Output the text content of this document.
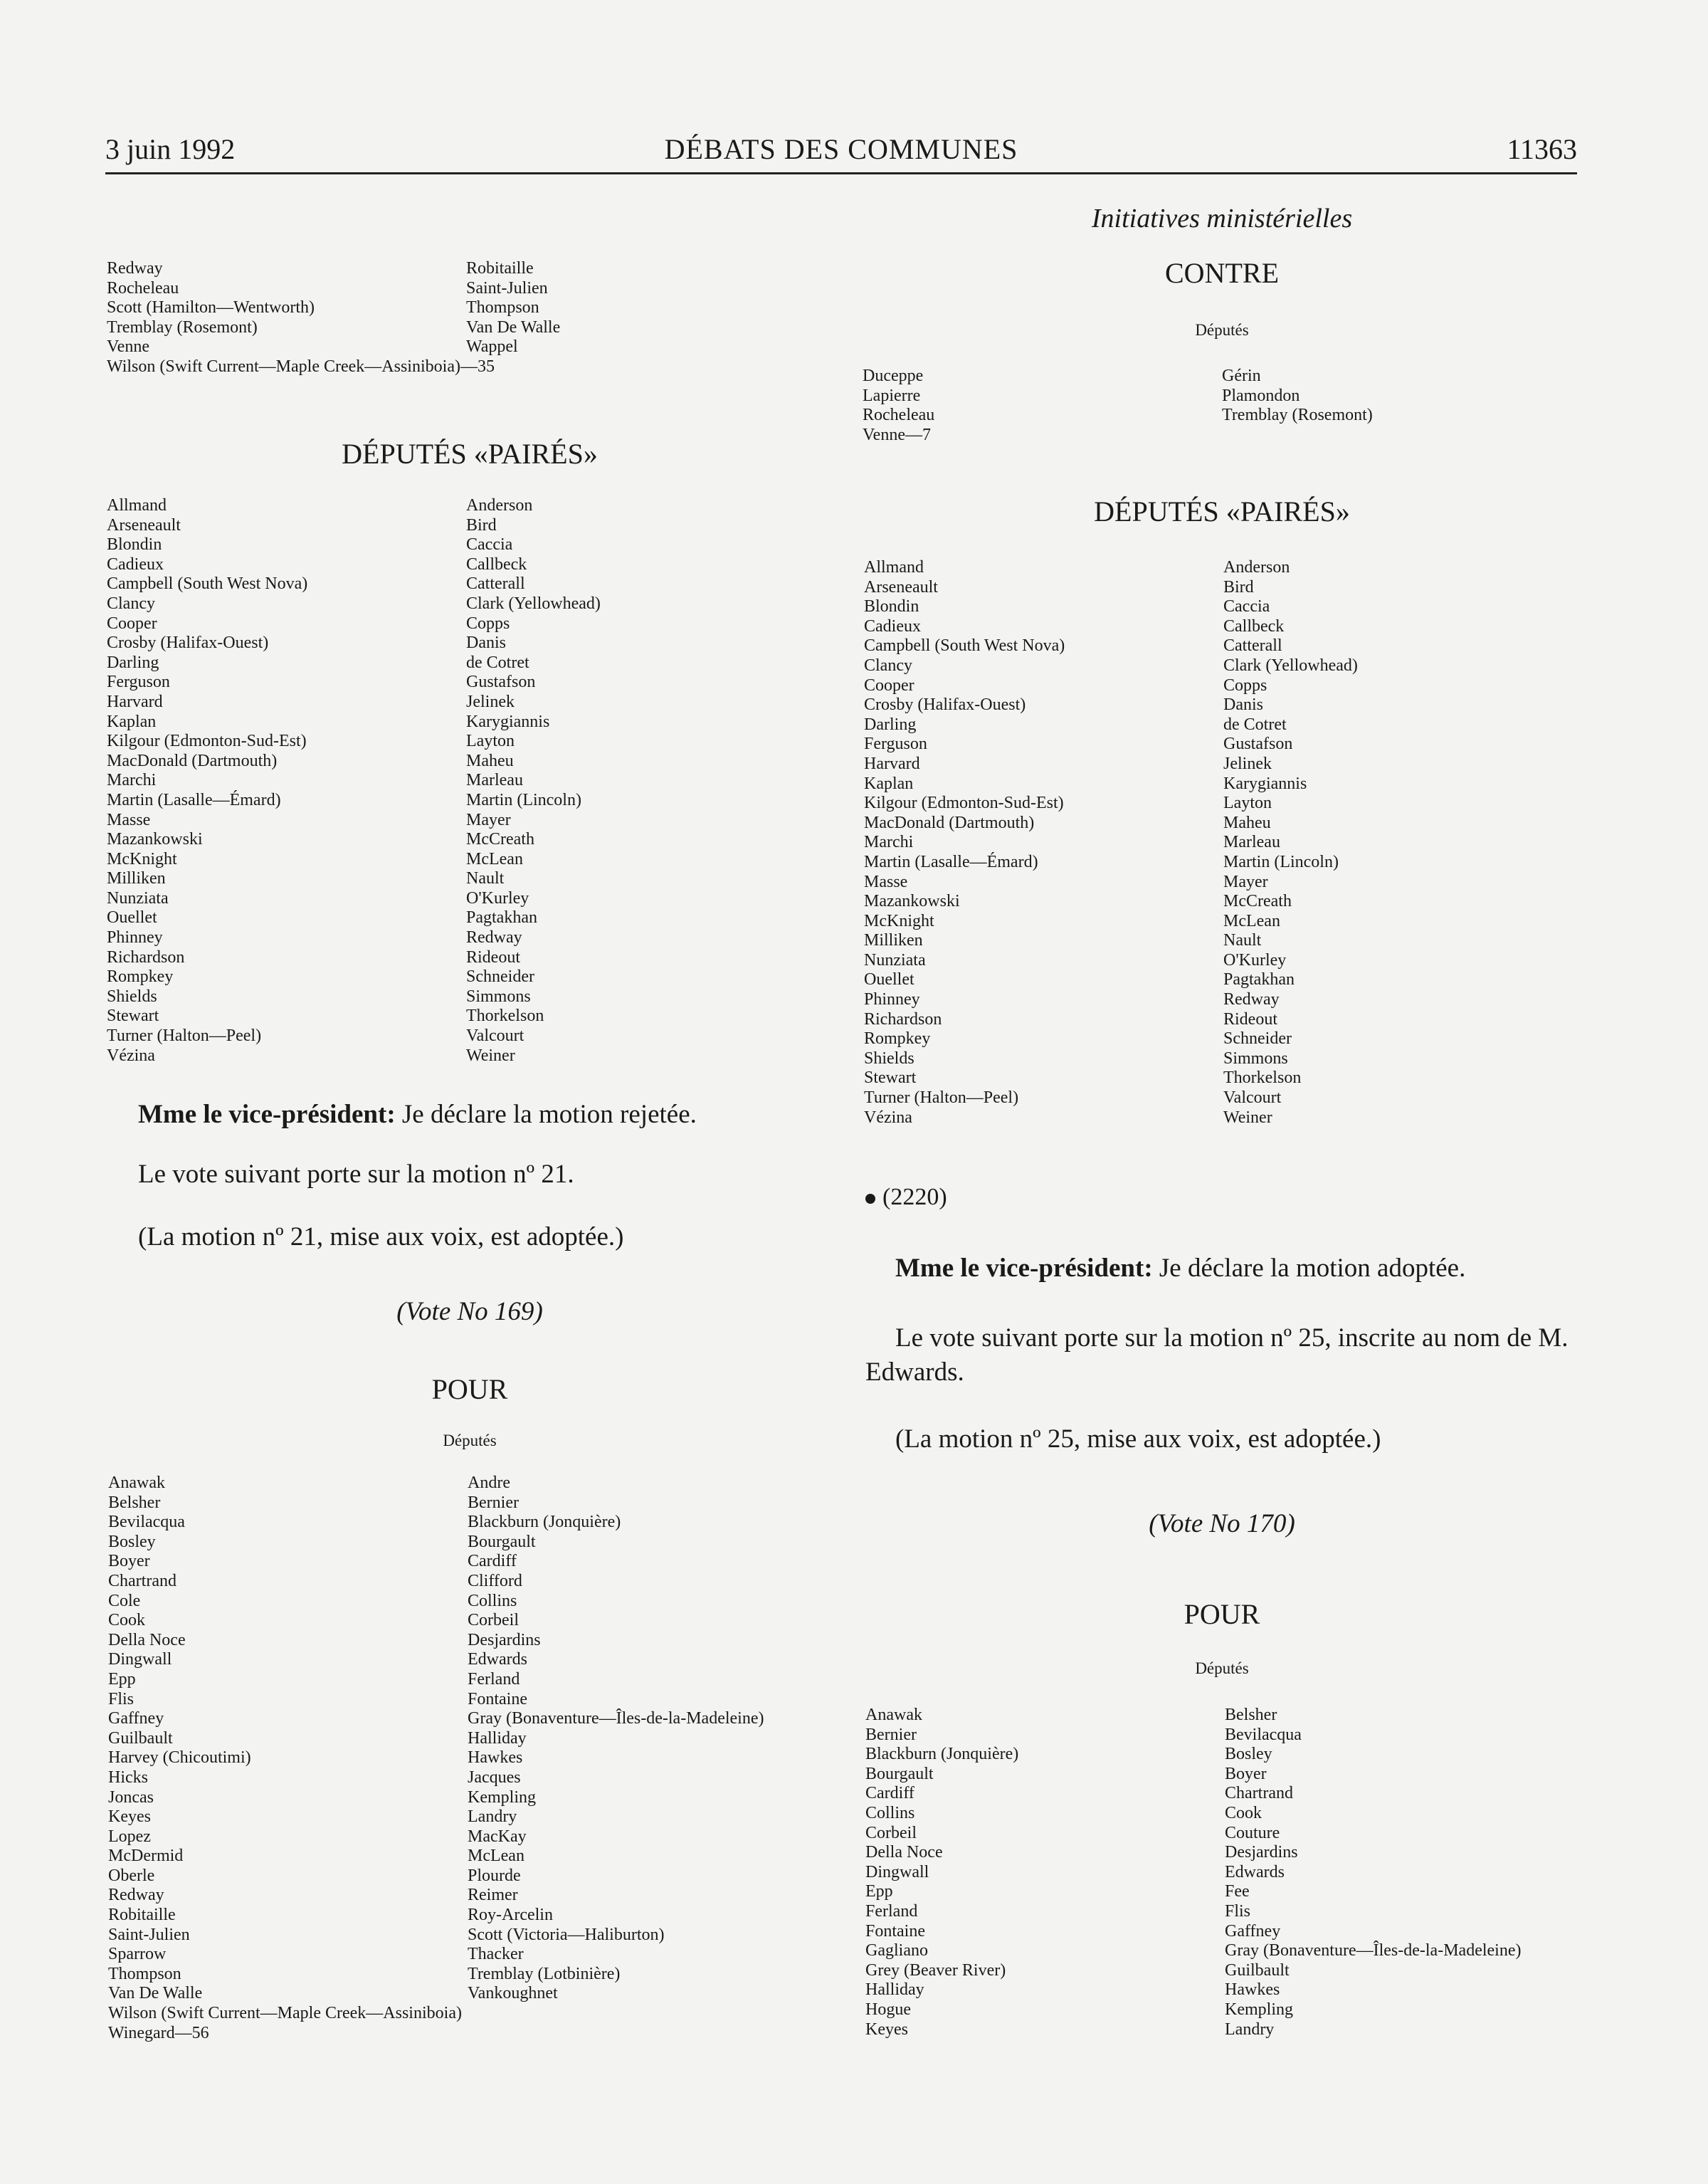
3 juin 1992	DÉBATS DES COMMUNES	11363
Redway
Rocheleau
Scott (Hamilton—Wentworth)
Tremblay (Rosemont)
Venne
Wilson (Swift Current—Maple Creek—Assiniboia)—35
Robitaille
Saint-Julien
Thompson
Van De Walle
Wappel
DÉPUTÉS «PAIRÉS»
Allmand
Arseneault
Blondin
Cadieux
Campbell (South West Nova)
Clancy
Cooper
Crosby (Halifax-Ouest)
Darling
Ferguson
Harvard
Kaplan
Kilgour (Edmonton-Sud-Est)
MacDonald (Dartmouth)
Marchi
Martin (Lasalle—Émard)
Masse
Mazankowski
McKnight
Milliken
Nunziata
Ouellet
Phinney
Richardson
Rompkey
Shields
Stewart
Turner (Halton—Peel)
Vézina
Anderson
Bird
Caccia
Callbeck
Catterall
Clark (Yellowhead)
Copps
Danis
de Cotret
Gustafson
Jelinek
Karygiannis
Layton
Maheu
Marleau
Martin (Lincoln)
Mayer
McCreath
McLean
Nault
O'Kurley
Pagtakhan
Redway
Rideout
Schneider
Simmons
Thorkelson
Valcourt
Weiner
Mme le vice-président: Je déclare la motion rejetée.
Le vote suivant porte sur la motion nº 21.
(La motion nº 21, mise aux voix, est adoptée.)
(Vote No 169)
POUR
Députés
Anawak
Belsher
Bevilacqua
Bosley
Boyer
Chartrand
Cole
Cook
Della Noce
Dingwall
Epp
Flis
Gaffney
Guilbault
Harvey (Chicoutimi)
Hicks
Joncas
Keyes
Lopez
McDermid
Oberle
Redway
Robitaille
Saint-Julien
Sparrow
Thompson
Van De Walle
Wilson (Swift Current—Maple Creek—Assiniboia)
Winegard—56
Andre
Bernier
Blackburn (Jonquière)
Bourgault
Cardiff
Clifford
Collins
Corbeil
Desjardins
Edwards
Ferland
Fontaine
Gray (Bonaventure—Îles-de-la-Madeleine)
Halliday
Hawkes
Jacques
Kempling
Landry
MacKay
McLean
Plourde
Reimer
Roy-Arcelin
Scott (Victoria—Haliburton)
Thacker
Tremblay (Lotbinière)
Vankoughnet
Initiatives ministérielles
CONTRE
Députés
Duceppe
Lapierre
Rocheleau
Venne—7
Gérin
Plamondon
Tremblay (Rosemont)
DÉPUTÉS «PAIRÉS»
Allmand
Arseneault
Blondin
Cadieux
Campbell (South West Nova)
Clancy
Cooper
Crosby (Halifax-Ouest)
Darling
Ferguson
Harvard
Kaplan
Kilgour (Edmonton-Sud-Est)
MacDonald (Dartmouth)
Marchi
Martin (Lasalle—Émard)
Masse
Mazankowski
McKnight
Milliken
Nunziata
Ouellet
Phinney
Richardson
Rompkey
Shields
Stewart
Turner (Halton—Peel)
Vézina
Anderson
Bird
Caccia
Callbeck
Catterall
Clark (Yellowhead)
Copps
Danis
de Cotret
Gustafson
Jelinek
Karygiannis
Layton
Maheu
Marleau
Martin (Lincoln)
Mayer
McCreath
McLean
Nault
O'Kurley
Pagtakhan
Redway
Rideout
Schneider
Simmons
Thorkelson
Valcourt
Weiner
(2220)
Mme le vice-président: Je déclare la motion adoptée.
Le vote suivant porte sur la motion nº 25, inscrite au nom de M. Edwards.
(La motion nº 25, mise aux voix, est adoptée.)
(Vote No 170)
POUR
Députés
Anawak
Bernier
Blackburn (Jonquière)
Bourgault
Cardiff
Collins
Corbeil
Della Noce
Dingwall
Epp
Ferland
Fontaine
Gagliano
Grey (Beaver River)
Halliday
Hogue
Keyes
Belsher
Bevilacqua
Bosley
Boyer
Chartrand
Cook
Couture
Desjardins
Edwards
Fee
Flis
Gaffney
Gray (Bonaventure—Îles-de-la-Madeleine)
Guilbault
Hawkes
Kempling
Landry
